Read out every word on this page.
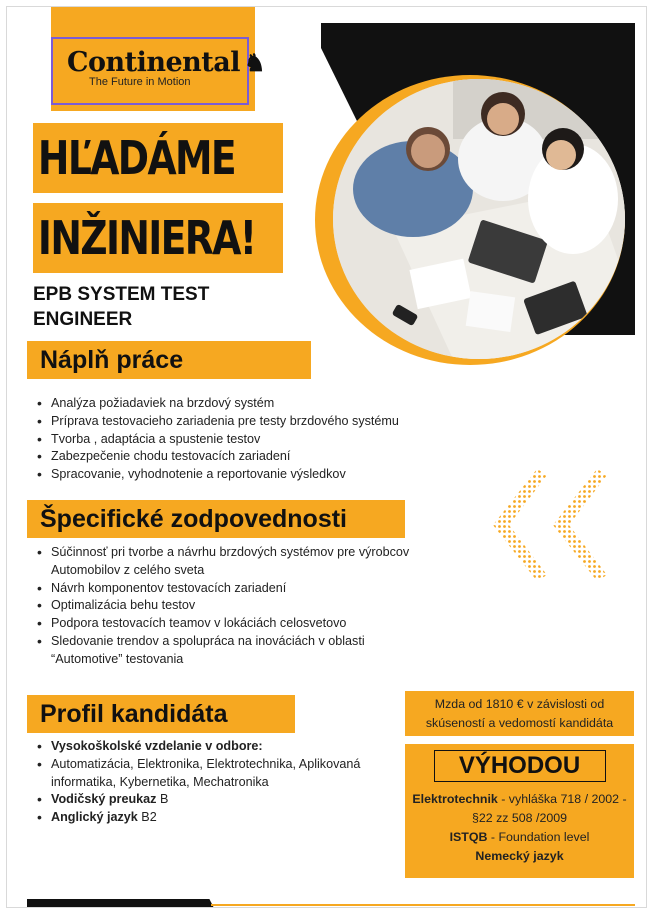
Continental ♞
The Future in Motion
HĽADÁME
INŽINIERA!
EPB SYSTEM TEST
ENGINEER
Náplň práce
• Analýza požiadaviek na brzdový systém
• Príprava testovacieho zariadenia pre testy brzdového systému
• Tvorba , adaptácia a spustenie testov
• Zabezpečenie chodu testovacích zariadení
• Spracovanie, vyhodnotenie a reportovanie výsledkov
Špecifické zodpovednosti
• Súčinnosť pri tvorbe a návrhu brzdových systémov pre výrobcov Automobilov z celého sveta
• Návrh komponentov testovacích zariadení
• Optimalizácia behu testov
• Podpora testovacích teamov v lokáciách celosvetovo
• Sledovanie trendov a spolupráca na inováciách v oblasti “Automotive” testovania
Profil kandidáta
• Vysokoškolské vzdelanie v odbore:
• Automatizácia, Elektronika, Elektrotechnika, Aplikovaná informatika, Kybernetika, Mechatronika
• Vodičský preukaz B
• Anglický jazyk B2
Mzda od 1810 € v závislosti od skúseností a vedomostí kandidáta
VÝHODOU
Elektrotechnik - vyhláška 718 / 2002 - §22 zz 508 /2009
ISTQB - Foundation level
Nemecký jazyk
